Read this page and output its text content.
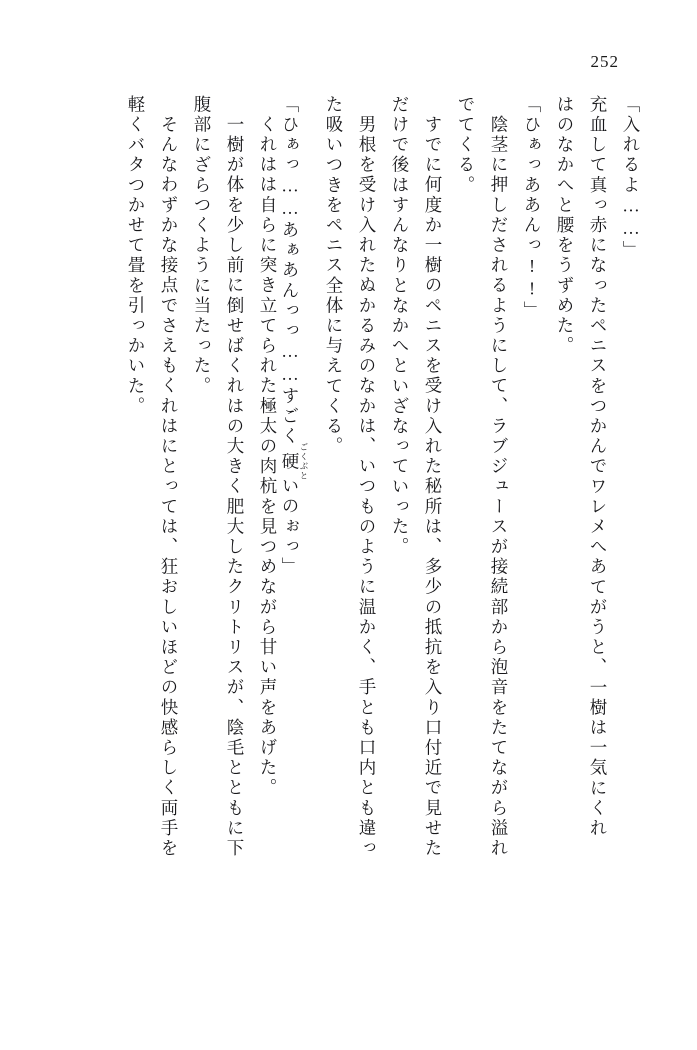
252
「入れるよ……」
充血して真っ赤になったペニスをつかんでワレメへあてがうと、一樹は一気にくれ
はのなかへと腰をうずめた。
「ひぁっああんっ!!」
陰茎に押しだされるようにして、ラブジュースが接続部から泡音をたてながら溢れ
でてくる。
すでに何度か一樹のペニスを受け入れた秘所は、多少の抵抗を入り口付近で見せた
だけで後はすんなりとなかへといざなっていった。
男根を受け入れたぬかるみのなかは、いつものように温かく、手とも口内とも違っ
た吸いつきをペニス全体に与えてくる。
「ひぁっ……あぁあんっっ……すごく硬 ごくぶといのぉっ」
くれはは自らに突き立てられた極太の肉杭を見つめながら甘い声をあげた。
一樹が体を少し前に倒せばくれはの大きく肥大したクリトリスが、陰毛とともに下
腹部にざらつくように当たった。
そんなわずかな接点でさえもくれはにとっては、狂おしいほどの快感らしく両手を
軽くバタつかせて畳を引っかいた。
